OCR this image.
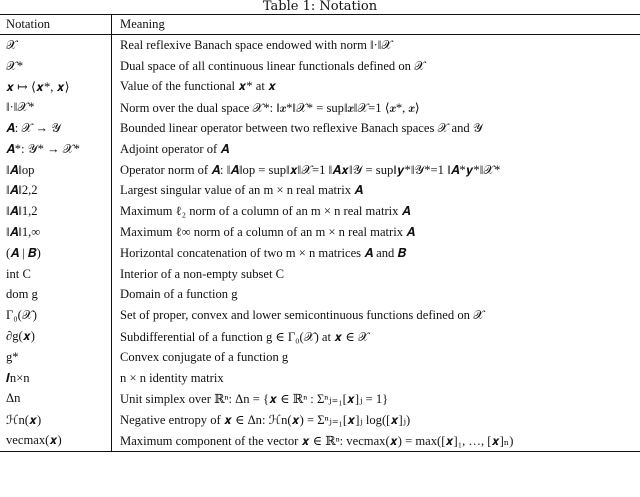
Table 1: Notation
Notation	Meaning
𝒳	Real reflexive Banach space endowed with norm ‖·‖𝒳
𝒳*	Dual space of all continuous linear functionals defined on 𝒳
𝒙 ↦ ⟨𝒙*, 𝒙⟩	Value of the functional 𝒙* at 𝒙
‖·‖𝒳*	Norm over the dual space 𝒳*: ‖𝒙*‖𝒳* = sup‖𝒙‖𝒳=1 ⟨𝒙*, 𝒙⟩
𝑨: 𝒳 → 𝒴	Bounded linear operator between two reflexive Banach spaces 𝒳 and 𝒴
𝑨*: 𝒴* → 𝒳*	Adjoint operator of 𝑨
‖𝑨‖op	Operator norm of 𝑨: ‖𝑨‖op = sup‖𝒙‖𝒳=1 ‖𝑨𝒙‖𝒴 = sup‖𝒚*‖𝒴*=1 ‖𝑨*𝒚*‖𝒳*
‖𝑨‖2,2	Largest singular value of an m × n real matrix 𝑨
‖𝑨‖1,2	Maximum ℓ₂ norm of a column of an m × n real matrix 𝑨
‖𝑨‖1,∞	Maximum ℓ∞ norm of a column of an m × n real matrix 𝑨
(𝑨 | 𝑩)	Horizontal concatenation of two m × n matrices 𝑨 and 𝑩
int C	Interior of a non-empty subset C
dom g	Domain of a function g
Γ₀(𝒳)	Set of proper, convex and lower semicontinuous functions defined on 𝒳
∂g(𝒙)	Subdifferential of a function g ∈ Γ₀(𝒳) at 𝒙 ∈ 𝒳
g*	Convex conjugate of a function g
𝑰n×n	n × n identity matrix
Δn	Unit simplex over ℝⁿ: Δn = {𝒙 ∈ ℝⁿ : Σⁿⱼ₌₁[𝒙]ⱼ = 1}
ℋn(𝒙)	Negative entropy of 𝒙 ∈ Δn: ℋn(𝒙) = Σⁿⱼ₌₁[𝒙]ⱼ log([𝒙]ⱼ)
vecmax(𝒙)	Maximum component of the vector 𝒙 ∈ ℝⁿ: vecmax(𝒙) = max([𝒙]₁, …, [𝒙]ₙ)
